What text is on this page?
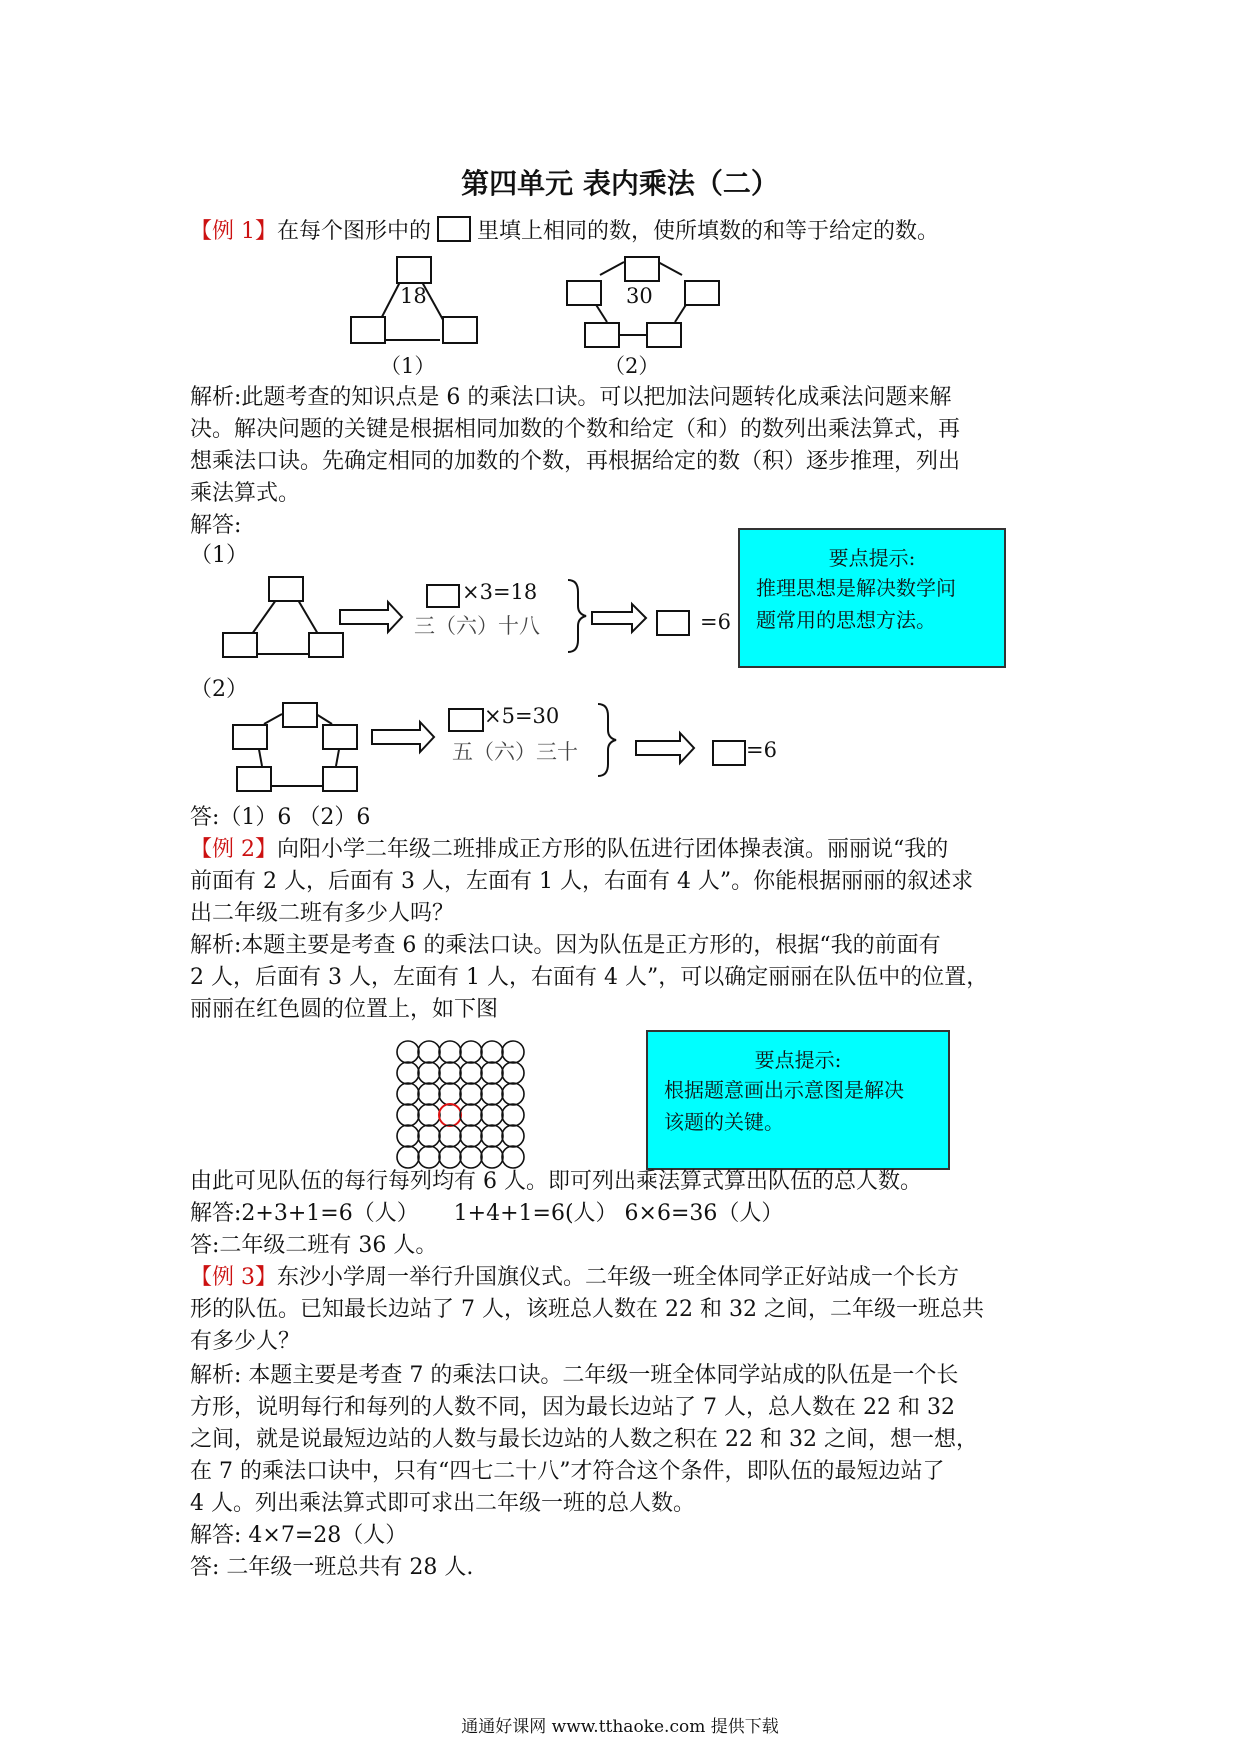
第四单元 表内乘法（二）
【例 1】在每个图形中的 里填上相同的数，使所填数的和等于给定的数。
18
（1）
30
（2）
解析:此题考查的知识点是 6 的乘法口诀。可以把加法问题转化成乘法问题来解
决。解决问题的关键是根据相同加数的个数和给定（和）的数列出乘法算式，再
想乘法口诀。先确定相同的加数的个数，再根据给定的数（积）逐步推理，列出
乘法算式。
解答:
（1）
×3=18
三（六）十八	=6
要点提示:
推理思想是解决数学问
题常用的思想方法。
（2）
×5=30
五（六）三十	=6
答:（1）6 （2）6
【例 2】向阳小学二年级二班排成正方形的队伍进行团体操表演。丽丽说“我的
前面有 2 人，后面有 3 人，左面有 1 人，右面有 4 人”。你能根据丽丽的叙述求
出二年级二班有多少人吗？
解析:本题主要是考查 6 的乘法口诀。因为队伍是正方形的，根据“我的前面有
2 人，后面有 3 人，左面有 1 人，右面有 4 人”，可以确定丽丽在队伍中的位置，
丽丽在红色圆的位置上，如下图
要点提示:
根据题意画出示意图是解决
该题的关键。
由此可见队伍的每行每列均有 6 人。即可列出乘法算式算出队伍的总人数。
解答:2+3+1=6（人）     1+4+1=6(人） 6×6=36（人）
答:二年级二班有 36 人。
【例 3】东沙小学周一举行升国旗仪式。二年级一班全体同学正好站成一个长方
形的队伍。已知最长边站了 7 人，该班总人数在 22 和 32 之间，二年级一班总共
有多少人？
解析: 本题主要是考查 7 的乘法口诀。二年级一班全体同学站成的队伍是一个长
方形，说明每行和每列的人数不同，因为最长边站了 7 人，总人数在 22 和 32
之间，就是说最短边站的人数与最长边站的人数之积在 22 和 32 之间，想一想，
在 7 的乘法口诀中，只有“四七二十八”才符合这个条件，即队伍的最短边站了
4 人。列出乘法算式即可求出二年级一班的总人数。
解答: 4×7=28（人）
答: 二年级一班总共有 28 人.
通通好课网 www.tthaoke.com 提供下载
